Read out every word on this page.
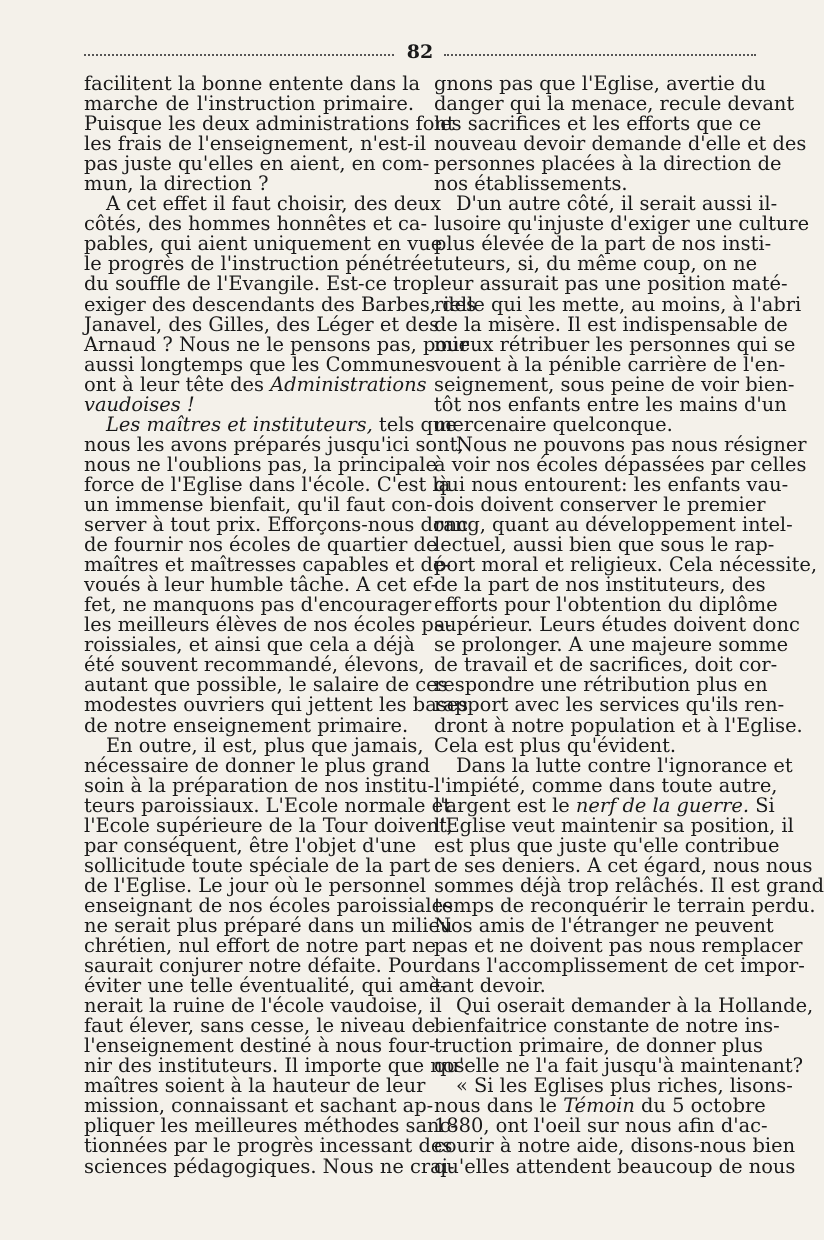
82

facilitent la bonne entente dans la
marche de l'instruction primaire.
Puisque les deux administrations font
les frais de l'enseignement, n'est-il
pas juste qu'elles en aient, en com-
mun, la direction ?

A cet effet il faut choisir, des deux
côtés, des hommes honnêtes et ca-
pables, qui aient uniquement en vue
le progrès de l'instruction pénétrée
du souffle de l'Evangile. Est-ce trop
exiger des descendants des Barbes, des
Janavel, des Gilles, des Léger et des
Arnaud ? Nous ne le pensons pas, pour
aussi longtemps que les Communes
ont à leur tête des Administrations
vaudoises !

Les maîtres et instituteurs, tels que
nous les avons préparés jusqu'ici sont,
nous ne l'oublions pas, la principale
force de l'Eglise dans l'école. C'est là
un immense bienfait, qu'il faut con-
server à tout prix. Efforçons-nous donc
de fournir nos écoles de quartier de
maîtres et maîtresses capables et dé-
voués à leur humble tâche. A cet ef-
fet, ne manquons pas d'encourager
les meilleurs élèves de nos écoles pa-
roissiales, et ainsi que cela a déjà
été souvent recommandé, élevons,
autant que possible, le salaire de ces
modestes ouvriers qui jettent les bases
de notre enseignement primaire.

En outre, il est, plus que jamais,
nécessaire de donner le plus grand
soin à la préparation de nos institu-
teurs paroissiaux. L'Ecole normale et
l'Ecole supérieure de la Tour doivent,
par conséquent, être l'objet d'une
sollicitude toute spéciale de la part
de l'Eglise. Le jour où le personnel
enseignant de nos écoles paroissiales
ne serait plus préparé dans un milieu
chrétien, nul effort de notre part ne
saurait conjurer notre défaite. Pour
éviter une telle éventualité, qui amè-
nerait la ruine de l'école vaudoise, il
faut élever, sans cesse, le niveau de
l'enseignement destiné à nous four-
nir des instituteurs. Il importe que nos
maîtres soient à la hauteur de leur
mission, connaissant et sachant ap-
pliquer les meilleures méthodes sanc-
tionnées par le progrès incessant des
sciences pédagogiques. Nous ne crai-

gnons pas que l'Eglise, avertie du
danger qui la menace, recule devant
les sacrifices et les efforts que ce
nouveau devoir demande d'elle et des
personnes placées à la direction de
nos établissements.

D'un autre côté, il serait aussi il-
lusoire qu'injuste d'exiger une culture
plus élevée de la part de nos insti-
tuteurs, si, du même coup, on ne
leur assurait pas une position maté-
rielle qui les mette, au moins, à l'abri
de la misère. Il est indispensable de
mieux rétribuer les personnes qui se
vouent à la pénible carrière de l'en-
seignement, sous peine de voir bien-
tôt nos enfants entre les mains d'un
mercenaire quelconque.

Nous ne pouvons pas nous résigner
à voir nos écoles dépassées par celles
qui nous entourent: les enfants vau-
dois doivent conserver le premier
rang, quant au développement intel-
lectuel, aussi bien que sous le rap-
port moral et religieux. Cela nécessite,
de la part de nos instituteurs, des
efforts pour l'obtention du diplôme
supérieur. Leurs études doivent donc
se prolonger. A une majeure somme
de travail et de sacrifices, doit cor-
respondre une rétribution plus en
rapport avec les services qu'ils ren-
dront à notre population et à l'Eglise.
Cela est plus qu'évident.

Dans la lutte contre l'ignorance et
l'impiété, comme dans toute autre,
l'argent est le nerf de la guerre. Si
l'Eglise veut maintenir sa position, il
est plus que juste qu'elle contribue
de ses deniers. A cet égard, nous nous
sommes déjà trop relâchés. Il est grand
temps de reconquérir le terrain perdu.
Nos amis de l'étranger ne peuvent
pas et ne doivent pas nous remplacer
dans l'accomplissement de cet impor-
tant devoir.

Qui oserait demander à la Hollande,
bienfaitrice constante de notre ins-
truction primaire, de donner plus
qu'elle ne l'a fait jusqu'à maintenant?

« Si les Eglises plus riches, lisons-
nous dans le Témoin du 5 octobre
1880, ont l'oeil sur nous afin d'ac-
courir à notre aide, disons-nous bien
qu'elles attendent beaucoup de nous
